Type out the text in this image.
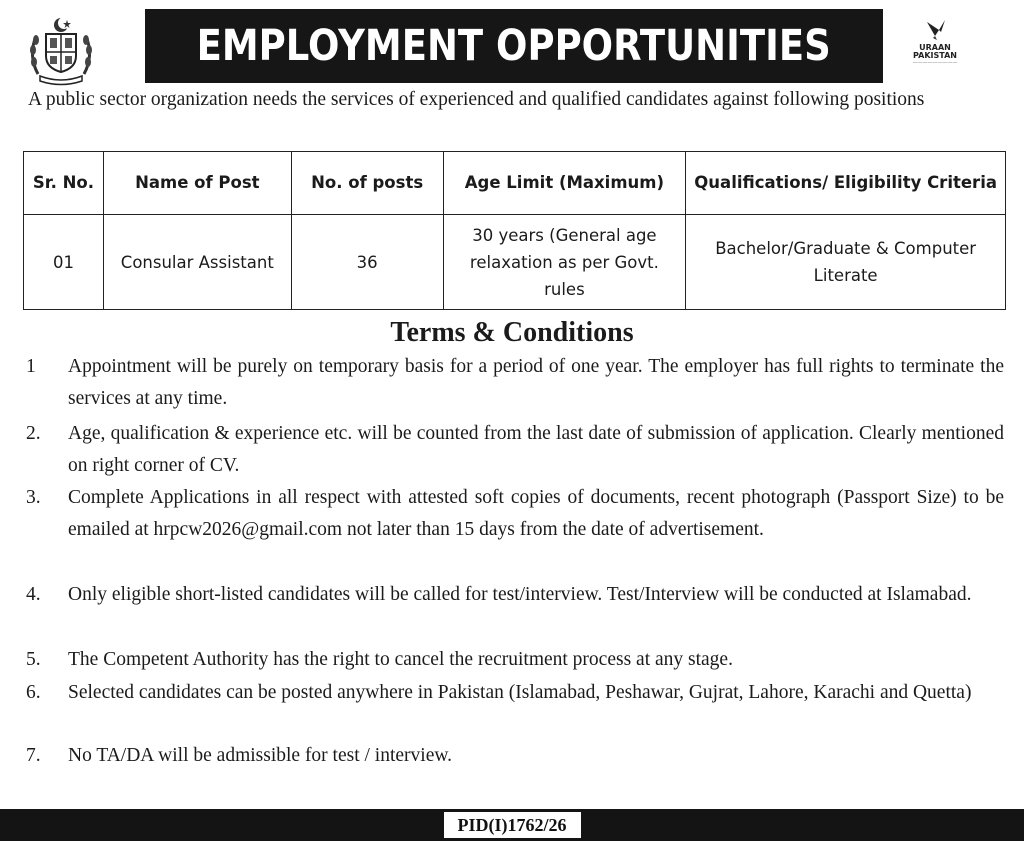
EMPLOYMENT OPPORTUNITIES	URAAN
PAKISTAN
—————————
A public sector organization needs the services of experienced and qualified candidates against following positions
Sr. No.	Name of Post	No. of posts	Age Limit (Maximum)	Qualifications/ Eligibility Criteria
01	Consular Assistant	36	30 years (General age relaxation as per Govt. rules	Bachelor/Graduate & Computer Literate
Terms & Conditions
1	Appointment will be purely on temporary basis for a period of one year. The employer has full rights to terminate the services at any time.
2.	Age, qualification & experience etc. will be counted from the last date of submission of application. Clearly mentioned on right corner of CV.
3.	Complete Applications in all respect with attested soft copies of documents, recent photograph (Passport Size) to be emailed at hrpcw2026@gmail.com not later than 15 days from the date of advertisement.
4.	Only eligible short-listed candidates will be called for test/interview. Test/Interview will be conducted at Islamabad.
5.	The Competent Authority has the right to cancel the recruitment process at any stage.
6.	Selected candidates can be posted anywhere in Pakistan (Islamabad, Peshawar, Gujrat, Lahore, Karachi and Quetta)
7.	No TA/DA will be admissible for test / interview.
PID(I)1762/26
